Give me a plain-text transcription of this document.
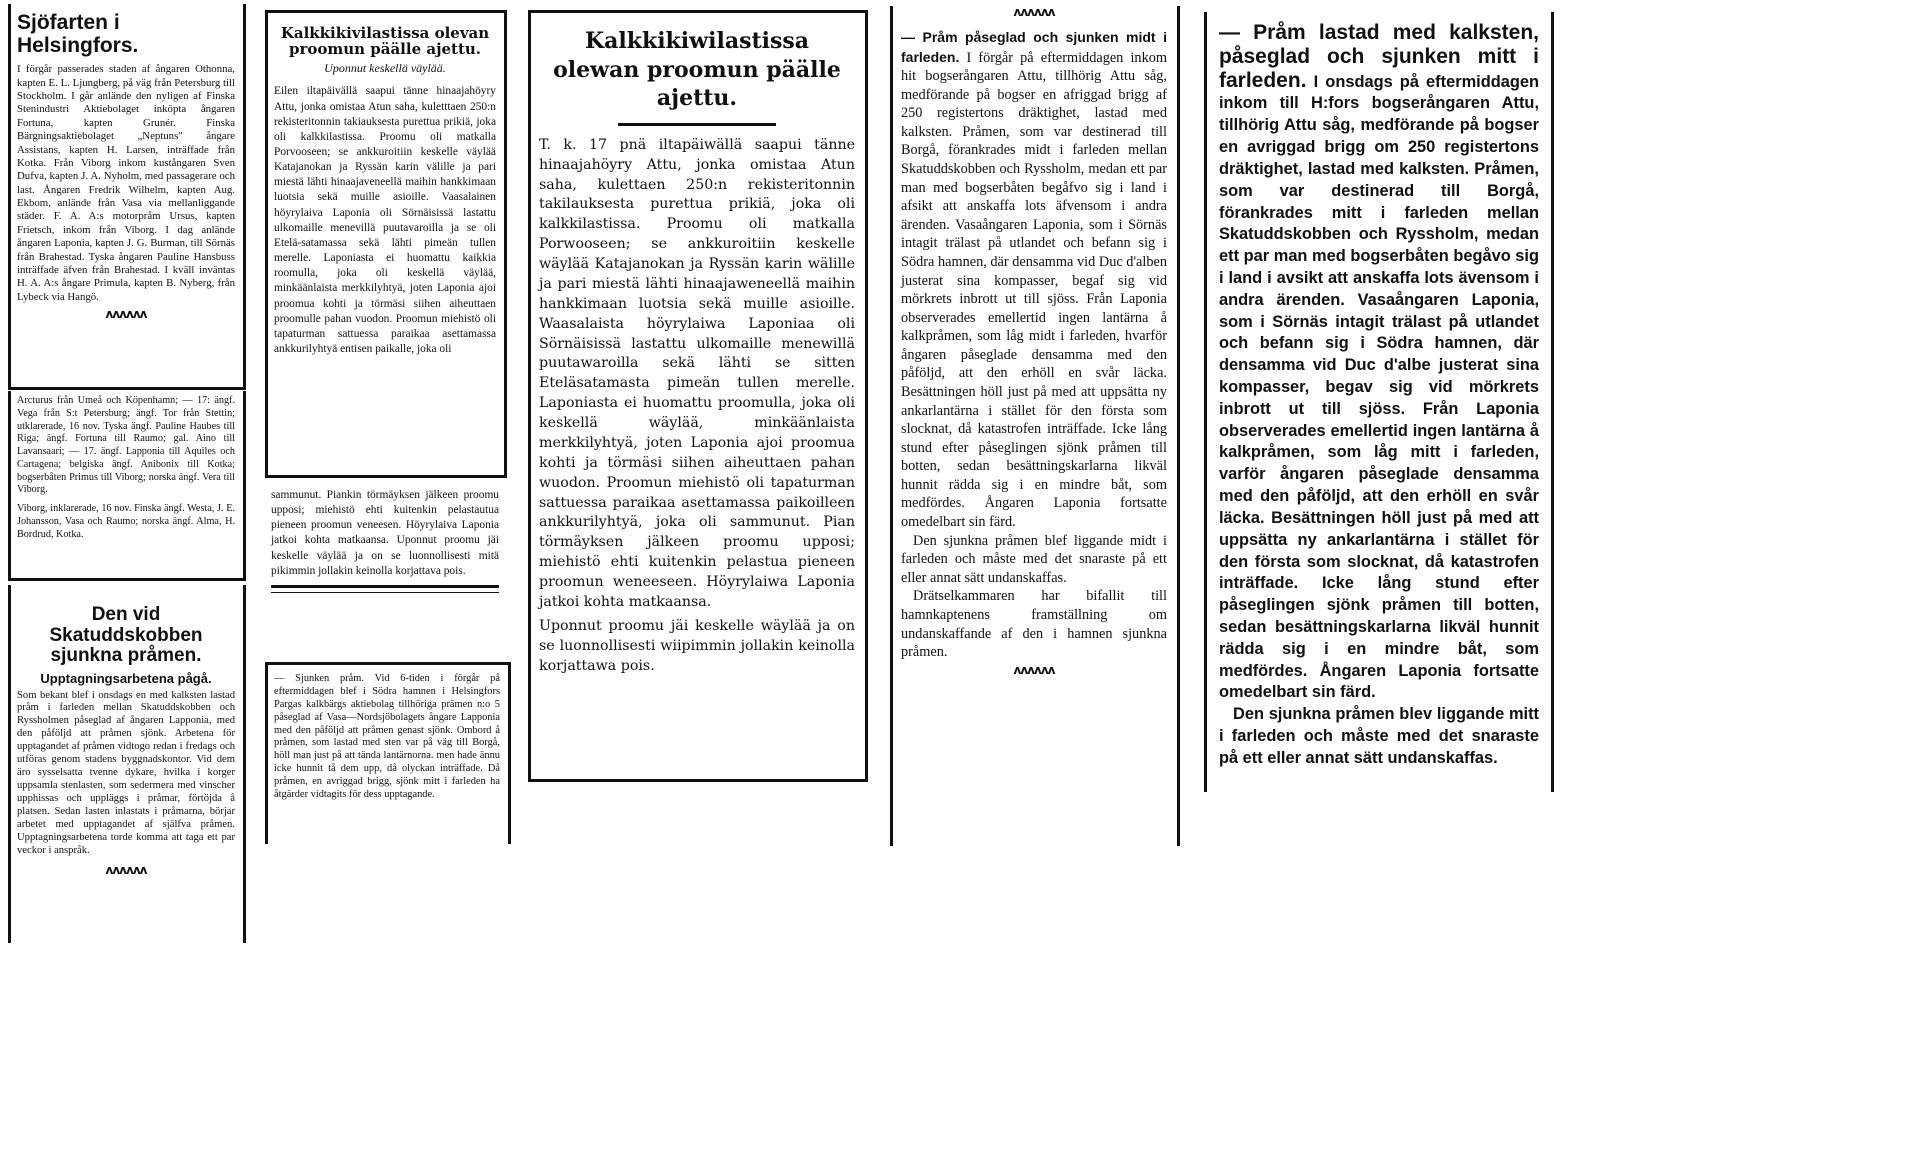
Sjöfarten i Helsingfors.

I förgår passerades staden af ångaren Othonna, kapten E. L. Ljungberg, på väg från Petersburg till Stockholm. I går anlände den nyligen af Finska Stenindustri Aktiebolaget inköpta ångaren Fortuna, kapten Grunér. Finska Bärgningsaktiebolaget „Neptuns" ångare Assistans, kapten H. Larsen, inträffade från Kotka. Från Viborg inkom kustångaren Sven Dufva, kapten J. A. Nyholm, med passagerare och last. Ångaren Fredrik Wilhelm, kapten Aug. Ekbom, anlände från Vasa via mellanliggande städer. F. A. A:s motorpråm Ursus, kapten Frietsch, inkom från Viborg. I dag anlände ångaren Laponia, kapten J. G. Burman, till Sörnäs från Brahestad. Tyska ångaren Pauline Hansbuss inträffade äfven från Brahestad. I kväll inväntas H. A. A:s ångare Primula, kapten B. Nyberg, från Lybeck via Hangö.

ᴧᴧᴧᴧᴧᴧ

Arcturus från Umeå och Köpenhamn; — 17: ängf. Vega från S:t Petersburg; ängf. Tor från Stettin; utklarerade, 16 nov. Tyska ängf. Pauline Haubes till Riga; ängf. Fortuna till Raumo; gal. Aino till Lavansaari; — 17. ängf. Lapponia till Aquiles och Cartagena; belgiska ängf. Anibonix till Kotka; bogserbåten Primus till Viborg; norska ängf. Vera till Viborg.

Viborg, inklarerade, 16 nov. Finska ängf. Westa, J. E. Johansson, Vasa och Raumo; norska ängf. Alma, H. Bordrud, Kotka.

Den vid Skatuddskobben sjunkna pråmen.
Upptagningsarbetena pågå.

Som bekant blef i onsdags en med kalksten lastad pråm i farleden mellan Skatuddskobben och Ryssholmen påseglad af ångaren Lapponia, med den påföljd att pråmen sjönk. Arbetena för upptagandet af pråmen vidtogo redan i fredags och utföras genom stadens byggnadskontor. Vid dem äro sysselsatta tvenne dykare, hvilka i korger uppsamla stenlasten, som sedermera med vinscher upphissas och uppläggs i pråmar, förtöjda å platsen. Sedan lasten inlastats i pråmarna, börjar arbetet med upptagandet af själfva pråmen. Upptagningsarbetena torde komma att taga ett par veckor i anspråk.

ᴧᴧᴧᴧᴧᴧ
Kalkkikivilastissa olevan proomun päälle ajettu.
Uponnut keskellä väylää.

Eilen iltapäivällä saapui tänne hinaajahöyry Attu, jonka omistaa Atun saha, kuletttaen 250:n rekisteritonnin takiauksesta purettua prikiä, joka oli kalkkilastissa. Proomu oli matkalla Porvooseen; se ankkuroitiin keskelle väylää Katajanokan ja Ryssän karin välille ja pari miestä lähti hinaajaveneellä maihin hankkimaan luotsia sekä muille asioille. Vaasalainen höyrylaiva Laponia oli Sörnäisissä lastattu ulkomaille menevillä puutavaroilla ja se oli Etelä-satamassa sekä lähti pimeän tullen merelle. Laponiasta ei huomattu kaikkia roomulla, joka oli keskellä väylää, minkäänlaista merkkilyhtyä, joten Laponia ajoi proomua kohti ja törmäsi siihen aiheuttaen proomulle pahan vuodon. Proomun miehistö oli tapaturman sattuessa paraikaa asettamassa ankkurilyhtyä entisen paikalle, joka oli

sammunut. Piankin törmäyksen jälkeen proomu upposi; miehistö ehti kuitenkin pelastautua pieneen proomun veneesen. Höyrylaiva Laponia jatkoi kohta matkaansa. Uponnut proomu jäi keskelle väylää ja on se luonnollisesti mitä pikimmin jollakin keinolla korjattava pois.

— Sjunken pråm. Vid 6-tiden i förgår på eftermiddagen blef i Södra hamnen i Helsingfors Pargas kalkbärgs aktiebolag tillhöriga prämen n:o 5 påseglad af Vasa—Nordsjöbolagets ångare Lapponia med den påföljd att pråmen genast sjönk. Ombord å pråmen, som lastad med sten var på väg till Borgå, höll man just på att tända lantärnorna. men hade ännu icke hunnit tå dem upp, då olyckan inträffade. Då pråmen, en avriggad brigg, sjönk mitt i farleden ha åtgärder vidtagits för dess upptagande.

Kalkkikiwilastissa olewan proomun päälle ajettu.

T. k. 17 pnä iltapäiwällä saapui tänne hinaajahöyry Attu, jonka omistaa Atun saha, kulettaen 250:n rekisteritonnin takilauksesta purettua prikiä, joka oli kalkkilastissa. Proomu oli matkalla Porwooseen; se ankkuroitiin keskelle wäylää Katajanokan ja Ryssän karin wälille ja pari miestä lähti hinaajaweneellä maihin hankkimaan luotsia sekä muille asioille. Waasalaista höyrylaiwa Laponiaa oli Sörnäisissä lastattu ulkomaille menewillä puutawaroilla sekä lähti se sitten Eteläsatamasta pimeän tullen merelle. Laponiasta ei huomattu proomulla, joka oli keskellä wäylää, minkäänlaista merkkilyhtyä, joten Laponia ajoi proomua kohti ja törmäsi siihen aiheuttaen pahan wuodon. Proomun miehistö oli tapaturman sattuessa paraikaa asettamassa paikoilleen ankkurilyhtyä, joka oli sammunut. Pian törmäyksen jälkeen proomu upposi; miehistö ehti kuitenkin pelastua pieneen proomun weneeseen. Höyrylaiwa Laponia jatkoi kohta matkaansa.

Uponnut proomu jäi keskelle wäylää ja on se luonnollisesti wiipimmin jollakin keinolla korjattawa pois.

ᴧᴧᴧᴧᴧᴧ

— Pråm påseglad och sjunken midt i farleden. I förgår på eftermiddagen inkom hit bogserångaren Attu, tillhörig Attu såg, medförande på bogser en afriggad brigg af 250 registertons dräktighet, lastad med kalksten. Pråmen, som var destinerad till Borgå, förankrades midt i farleden mellan Skatuddskobben och Ryssholm, medan ett par man med bogserbåten begåfvo sig i land i afsikt att anskaffa lots äfvensom i andra ärenden. Vasaångaren Laponia, som i Sörnäs intagit trälast på utlandet och befann sig i Södra hamnen, där densamma vid Duc d'alben justerat sina kompasser, begaf sig vid mörkrets inbrott ut till sjöss. Från Laponia observerades emellertid ingen lantärna å kalkpråmen, som låg midt i farleden, hvarför ångaren påseglade densamma med den påföljd, att den erhöll en svår läcka. Besättningen höll just på med att uppsätta ny ankarlantärna i stället för den första som slocknat, då katastrofen inträffade. Icke lång stund efter påseglingen sjönk pråmen till botten, sedan besättningskarlarna likväl hunnit rädda sig i en mindre båt, som medfördes. Ångaren Laponia fortsatte omedelbart sin färd.

Den sjunkna pråmen blef liggande midt i farleden och måste med det snaraste på ett eller annat sätt undanskaffas.

Drätselkammaren har bifallit till hamnkaptenens framställning om undanskaffande af den i hamnen sjunkna pråmen.

ᴧᴧᴧᴧᴧᴧ

— Pråm lastad med kalksten, påseglad och sjunken mitt i farleden. I onsdags på eftermiddagen inkom till H:fors bogserångaren Attu, tillhörig Attu såg, medförande på bogser en avriggad brigg om 250 registertons dräktighet, lastad med kalksten. Pråmen, som var destinerad till Borgå, förankrades mitt i farleden mellan Skatuddskobben och Ryssholm, medan ett par man med bogserbåten begåvo sig i land i avsikt att anskaffa lots ävensom i andra ärenden. Vasaångaren Laponia, som i Sörnäs intagit trälast på utlandet och befann sig i Södra hamnen, där densamma vid Duc d'albe justerat sina kompasser, begav sig vid mörkrets inbrott ut till sjöss. Från Laponia observerades emellertid ingen lantärna å kalkpråmen, som låg mitt i farleden, varför ångaren påseglade densamma med den påföljd, att den erhöll en svår läcka. Besättningen höll just på med att uppsätta ny ankarlantärna i stället för den första som slocknat, då katastrofen inträffade. Icke lång stund efter påseglingen sjönk pråmen till botten, sedan besättningskarlarna likväl hunnit rädda sig i en mindre båt, som medfördes. Ångaren Laponia fortsatte omedelbart sin färd.

Den sjunkna pråmen blev liggande mitt i farleden och måste med det snaraste på ett eller annat sätt undanskaffas.
